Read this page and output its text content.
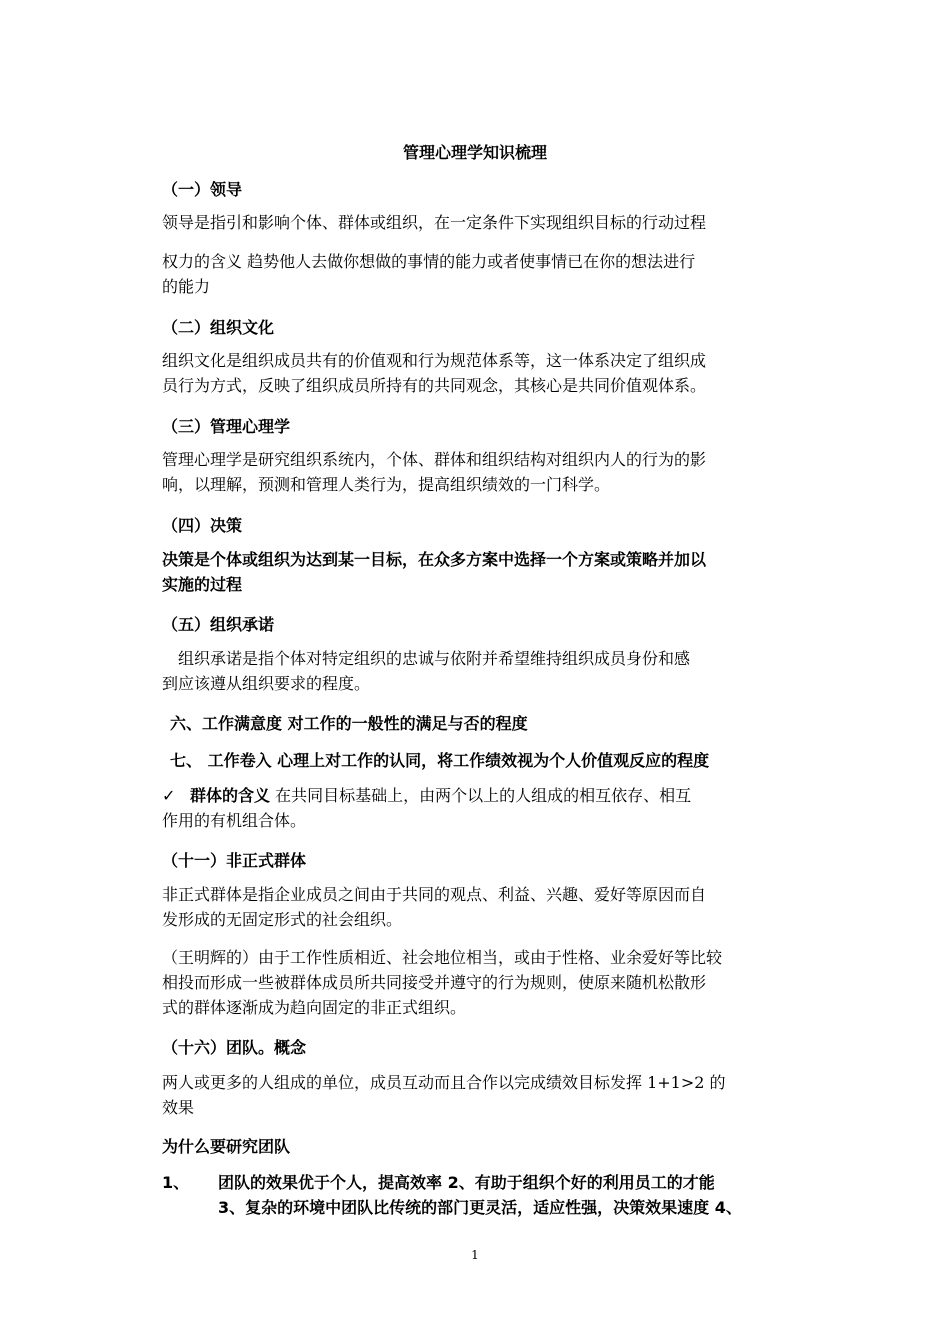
管理心理学知识梳理
（一）领导
领导是指引和影响个体、群体或组织，在一定条件下实现组织目标的行动过程
权力的含义 趋势他人去做你想做的事情的能力或者使事情已在你的想法进行
的能力
（二）组织文化
组织文化是组织成员共有的价值观和行为规范体系等，这一体系决定了组织成
员行为方式，反映了组织成员所持有的共同观念，其核心是共同价值观体系。
（三）管理心理学
管理心理学是研究组织系统内，个体、群体和组织结构对组织内人的行为的影
响，以理解，预测和管理人类行为，提高组织绩效的一门科学。
（四）决策
决策是个体或组织为达到某一目标，在众多方案中选择一个方案或策略并加以
实施的过程
（五）组织承诺
　组织承诺是指个体对特定组织的忠诚与依附并希望维持组织成员身份和感
到应该遵从组织要求的程度。
六、工作满意度 对工作的一般性的满足与否的程度
七、 工作卷入 心理上对工作的认同，将工作绩效视为个人价值观反应的程度
✓ 群体的含义 在共同目标基础上，由两个以上的人组成的相互依存、相互
作用的有机组合体。
（十一）非正式群体
非正式群体是指企业成员之间由于共同的观点、利益、兴趣、爱好等原因而自
发形成的无固定形式的社会组织。
（王明辉的）由于工作性质相近、社会地位相当，或由于性格、业余爱好等比较
相投而形成一些被群体成员所共同接受并遵守的行为规则，使原来随机松散形
式的群体逐渐成为趋向固定的非正式组织。
（十六）团队。概念
两人或更多的人组成的单位，成员互动而且合作以完成绩效目标发挥 1+1>2 的
效果
为什么要研究团队
1、 团队的效果优于个人，提高效率 2、有助于组织个好的利用员工的才能
3、复杂的环境中团队比传统的部门更灵活，适应性强，决策效果速度 4、
1
